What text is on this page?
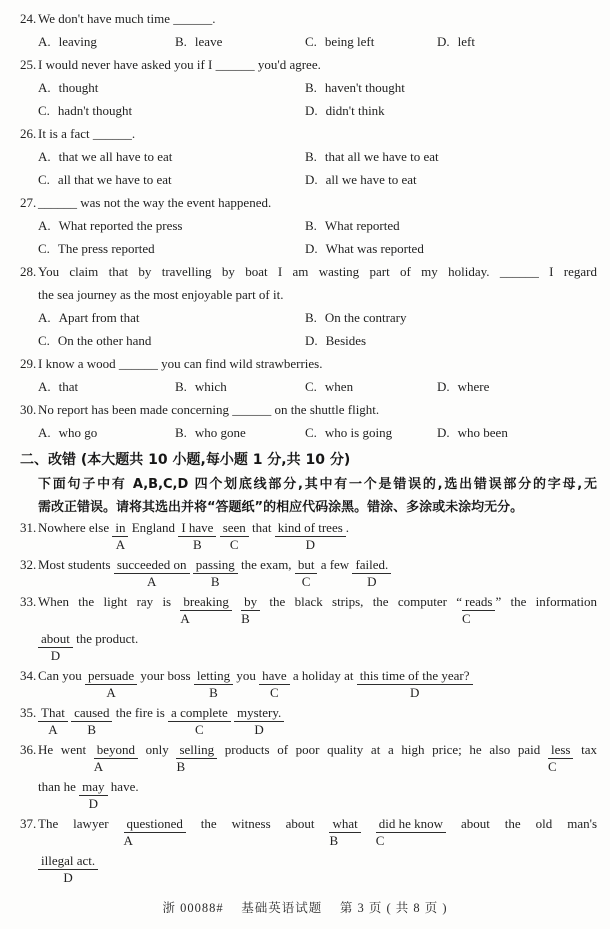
24. We don't have much time ______.
A. leaving	B. leave	C. being left	D. left
25. I would never have asked you if I ______ you'd agree.
A. thought	B. haven't thought
C. hadn't thought	D. didn't think
26. It is a fact ______.
A. that we all have to eat	B. that all we have to eat
C. all that we have to eat	D. all we have to eat
27. ______ was not the way the event happened.
A. What reported the press	B. What reported
C. The press reported	D. What was reported
28. You claim that by travelling by boat I am wasting part of my holiday. ______ I regard
the sea journey as the most enjoyable part of it.
A. Apart from that	B. On the contrary
C. On the other hand	D. Besides
29. I know a wood ______ you can find wild strawberries.
A. that	B. which	C. when	D. where
30. No report has been made concerning ______ on the shuttle flight.
A. who go	B. who gone	C. who is going	D. who been
二、改错 (本大题共 10 小题,每小题 1 分,共 10 分)
下面句子中有 A,B,C,D 四个划底线部分,其中有一个是错误的,选出错误部分的字母,无
需改正错误。请将其选出并将“答题纸”的相应代码涂黑。错涂、多涂或未涂均无分。
31. Nowhere else $\frac{in}{A}$ England I have
B

seen
C
that kind of trees
D
.
32. Most students succeeded on
A

passing
B
the exam, but
C
a few failed.
D
33. When the light ray is breaking
A
	$\frac{by}{B}$ the black strips, the computer “ reads
C
” the information
about
D
the product.
34. Can you persuade
A
your boss letting
B
you have
C
a holiday at this time of the year?
D
35. That
A

caused
B
the fire is a complete
C

mystery.
D
36. He went beyond
A
only selling
B
products of poor quality at a high price; he also paid less
C
tax
than he may
D
have.
37. The lawyer questioned
A
the witness about what
B

did he know
C
about the old man's
illegal act.
D
浙 00088#　 基础英语试题　 第 3 页 ( 共 8 页 )
